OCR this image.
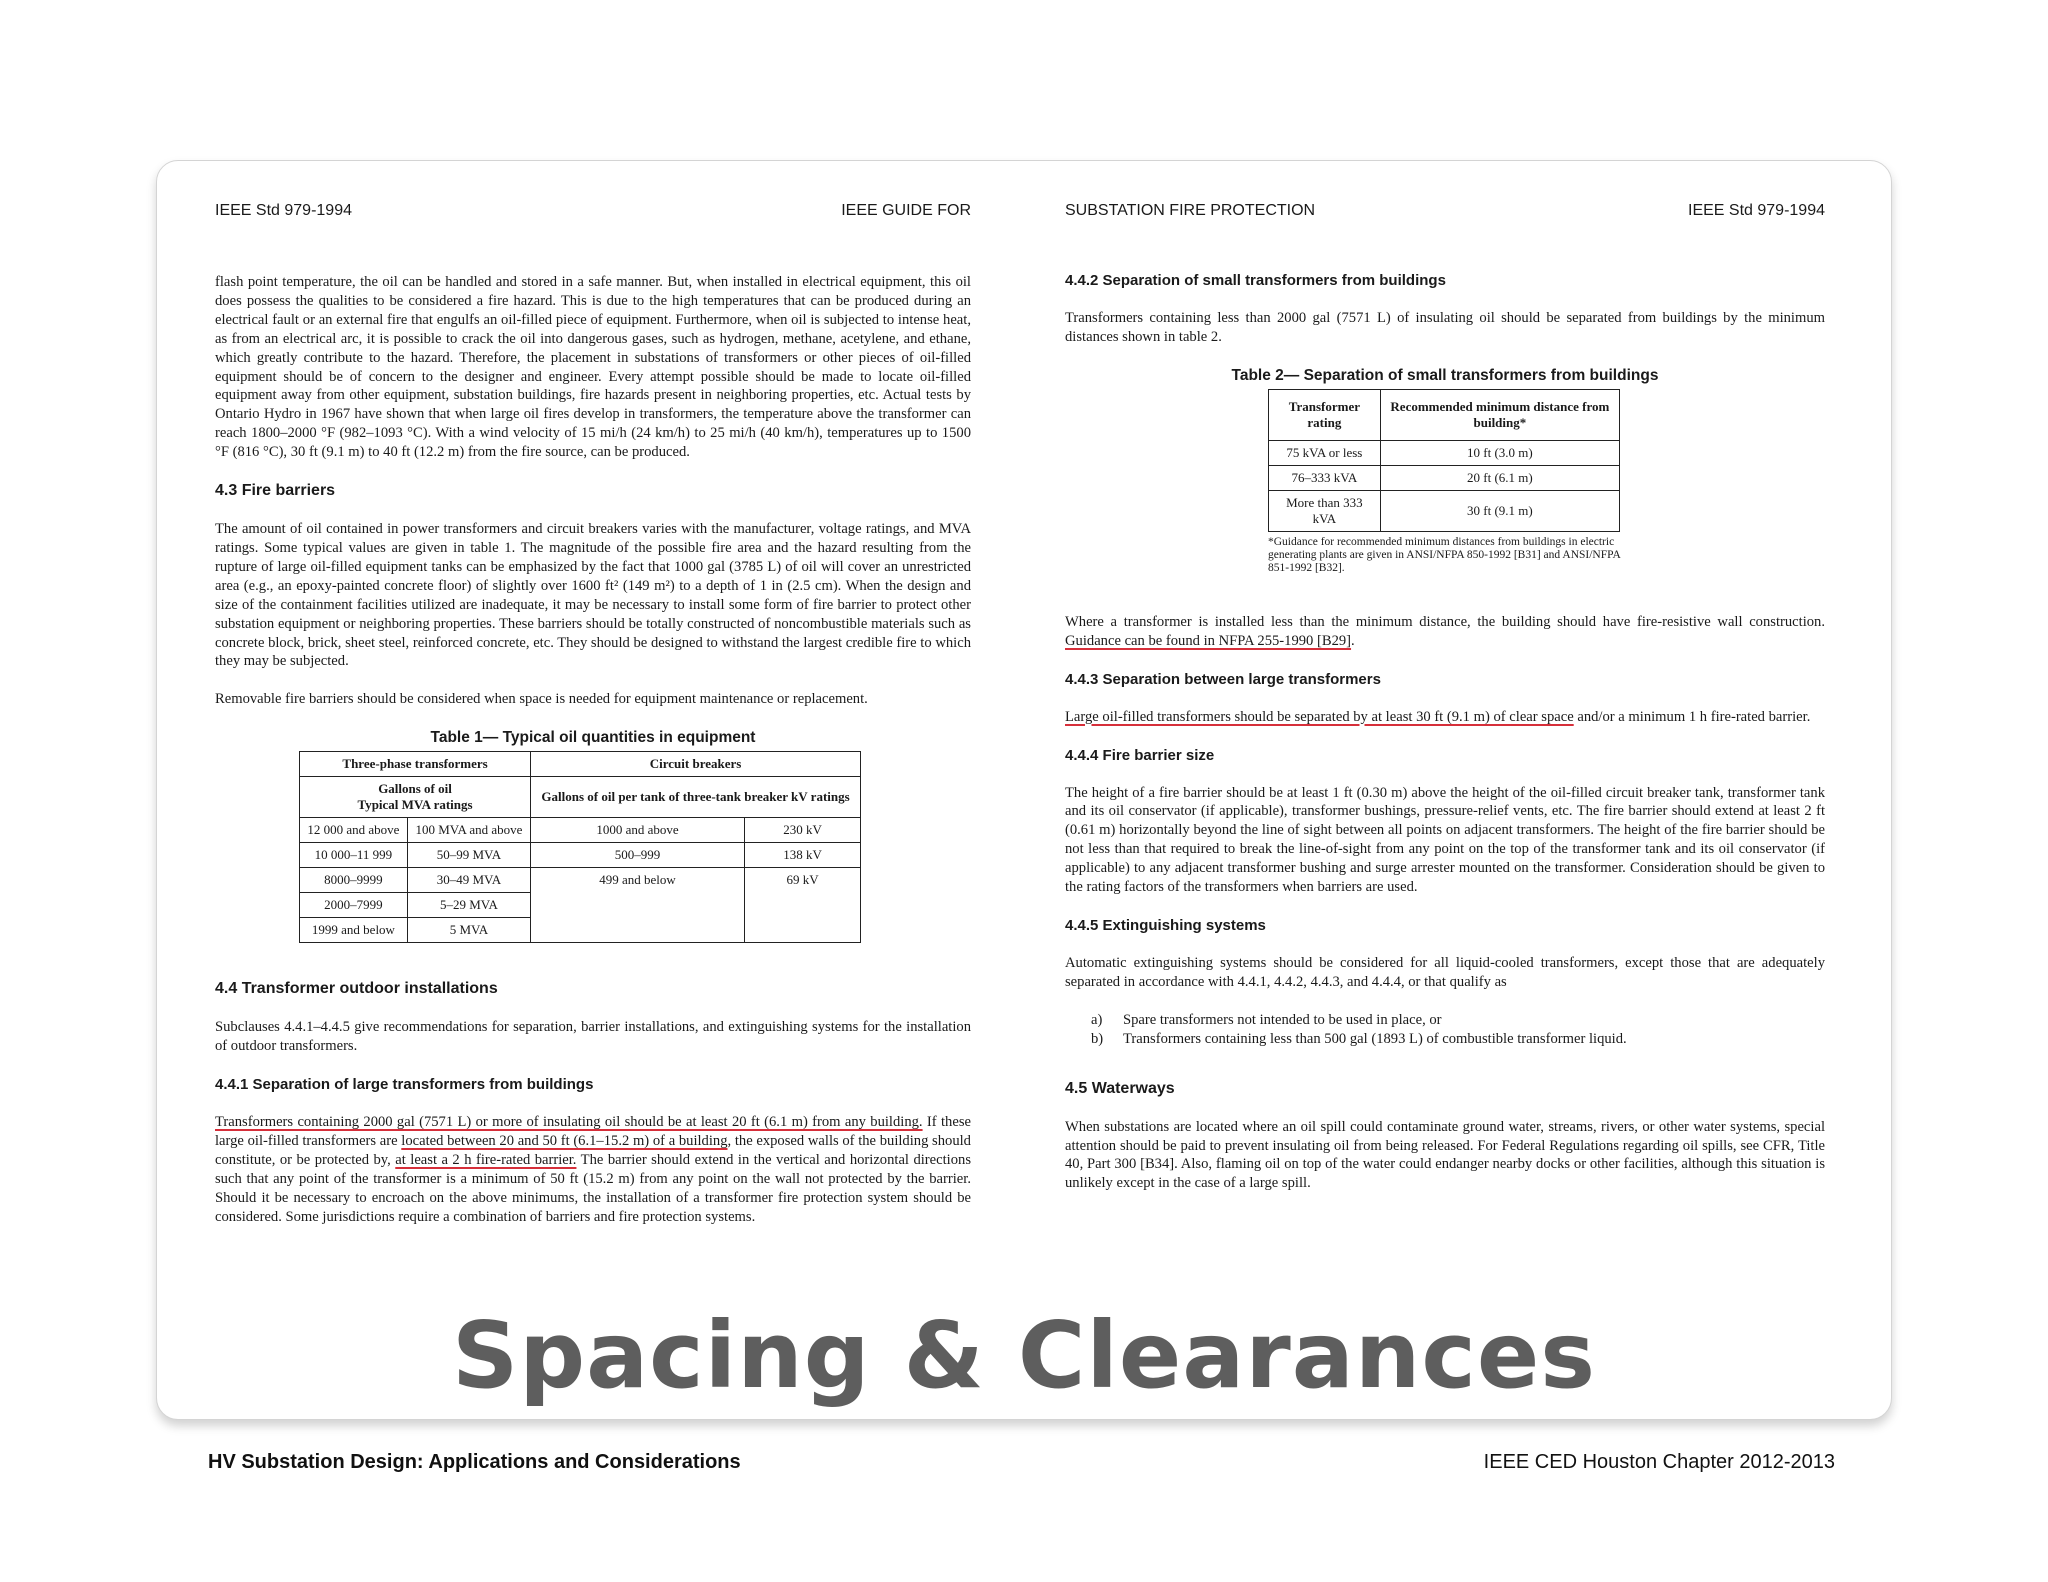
IEEE Std 979-1994	IEEE GUIDE FOR

flash point temperature, the oil can be handled and stored in a safe manner. But, when installed in electrical equipment, this oil does possess the qualities to be considered a fire hazard. This is due to the high temperatures that can be produced during an electrical fault or an external fire that engulfs an oil-filled piece of equipment. Furthermore, when oil is subjected to intense heat, as from an electrical arc, it is possible to crack the oil into dangerous gases, such as hydrogen, methane, acetylene, and ethane, which greatly contribute to the hazard. Therefore, the placement in substations of transformers or other pieces of oil-filled equipment should be of concern to the designer and engineer. Every attempt possible should be made to locate oil-filled equipment away from other equipment, substation buildings, fire hazards present in neighboring properties, etc. Actual tests by Ontario Hydro in 1967 have shown that when large oil fires develop in transformers, the temperature above the transformer can reach 1800–2000 °F (982–1093 °C). With a wind velocity of 15 mi/h (24 km/h) to 25 mi/h (40 km/h), temperatures up to 1500 °F (816 °C), 30 ft (9.1 m) to 40 ft (12.2 m) from the fire source, can be produced.

4.3 Fire barriers

The amount of oil contained in power transformers and circuit breakers varies with the manufacturer, voltage ratings, and MVA ratings. Some typical values are given in table 1. The magnitude of the possible fire area and the hazard resulting from the rupture of large oil-filled equipment tanks can be emphasized by the fact that 1000 gal (3785 L) of oil will cover an unrestricted area (e.g., an epoxy-painted concrete floor) of slightly over 1600 ft² (149 m²) to a depth of 1 in (2.5 cm). When the design and size of the containment facilities utilized are inadequate, it may be necessary to install some form of fire barrier to protect other substation equipment or neighboring properties. These barriers should be totally constructed of noncombustible materials such as concrete block, brick, sheet steel, reinforced concrete, etc. They should be designed to withstand the largest credible fire to which they may be subjected.

Removable fire barriers should be considered when space is needed for equipment maintenance or replacement.

Table 1— Typical oil quantities in equipment
Three-phase transformers		Circuit breakers	
Gallons of oil
Typical MVA ratings		Gallons of oil per tank of three-tank breaker kV ratings	
12 000 and above	100 MVA and above	1000 and above	230 kV
10 000–11 999	50–99 MVA	500–999	138 kV
8000–9999	30–49 MVA	499 and below	69 kV
2000–7999	5–29 MVA		
1999 and below	5 MVA		
4.4 Transformer outdoor installations

Subclauses 4.4.1–4.4.5 give recommendations for separation, barrier installations, and extinguishing systems for the installation of outdoor transformers.

4.4.1 Separation of large transformers from buildings

Transformers containing 2000 gal (7571 L) or more of insulating oil should be at least 20 ft (6.1 m) from any building. If these large oil-filled transformers are located between 20 and 50 ft (6.1–15.2 m) of a building, the exposed walls of the building should constitute, or be protected by, at least a 2 h fire-rated barrier. The barrier should extend in the vertical and horizontal directions such that any point of the transformer is a minimum of 50 ft (15.2 m) from any point on the wall not protected by the barrier. Should it be necessary to encroach on the above minimums, the installation of a transformer fire protection system should be considered. Some jurisdictions require a combination of barriers and fire protection systems.

SUBSTATION FIRE PROTECTION	IEEE Std 979-1994
4.4.2 Separation of small transformers from buildings

Transformers containing less than 2000 gal (7571 L) of insulating oil should be separated from buildings by the minimum distances shown in table 2.

Table 2— Separation of small transformers from buildings
Transformer rating	Recommended minimum distance from building*
75 kVA or less	10 ft (3.0 m)
76–333 kVA	20 ft (6.1 m)
More than 333 kVA	30 ft (9.1 m)
*Guidance for recommended minimum distances from buildings in electric generating plants are given in ANSI/NFPA 850-1992 [B31] and ANSI/NFPA 851-1992 [B32].

Where a transformer is installed less than the minimum distance, the building should have fire-resistive wall construction. Guidance can be found in NFPA 255-1990 [B29].

4.4.3 Separation between large transformers

Large oil-filled transformers should be separated by at least 30 ft (9.1 m) of clear space and/or a minimum 1 h fire-rated barrier.

4.4.4 Fire barrier size

The height of a fire barrier should be at least 1 ft (0.30 m) above the height of the oil-filled circuit breaker tank, transformer tank and its oil conservator (if applicable), transformer bushings, pressure-relief vents, etc. The fire barrier should extend at least 2 ft (0.61 m) horizontally beyond the line of sight between all points on adjacent transformers. The height of the fire barrier should be not less than that required to break the line-of-sight from any point on the top of the transformer tank and its oil conservator (if applicable) to any adjacent transformer bushing and surge arrester mounted on the transformer. Consideration should be given to the rating factors of the transformers when barriers are used.

4.4.5 Extinguishing systems

Automatic extinguishing systems should be considered for all liquid-cooled transformers, except those that are adequately separated in accordance with 4.4.1, 4.4.2, 4.4.3, and 4.4.4, or that qualify as

a)	Spare transformers not intended to be used in place, or
b)	Transformers containing less than 500 gal (1893 L) of combustible transformer liquid.
4.5 Waterways

When substations are located where an oil spill could contaminate ground water, streams, rivers, or other water systems, special attention should be paid to prevent insulating oil from being released. For Federal Regulations regarding oil spills, see CFR, Title 40, Part 300 [B34]. Also, flaming oil on top of the water could endanger nearby docks or other facilities, although this situation is unlikely except in the case of a large spill.

Spacing & Clearances
HV Substation Design: Applications and Considerations	IEEE CED Houston Chapter 2012-2013
